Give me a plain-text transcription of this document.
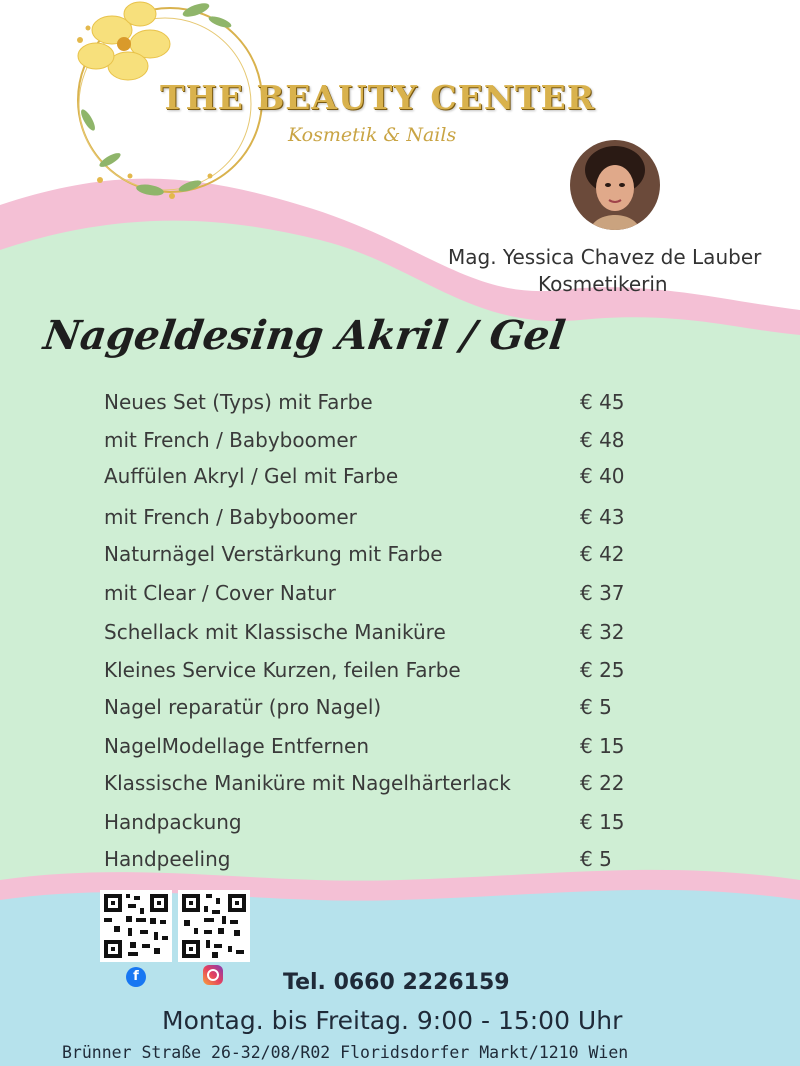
THE BEAUTY CENTER
Kosmetik & Nails
Mag. Yessica Chavez de Lauber
Kosmetikerin
Nageldesing Akril / Gel
Neues Set (Typs) mit Farbe	€ 45
mit French / Babyboomer	€ 48
Auffülen Akryl / Gel mit Farbe	€ 40
mit French / Babyboomer	€ 43
Naturnägel Verstärkung mit Farbe	€ 42
mit Clear / Cover Natur	€ 37
Schellack mit Klassische Maniküre	€ 32
Kleines Service Kurzen, feilen Farbe	€ 25
Nagel reparatür (pro Nagel)	€ 5
NagelModellage Entfernen	€ 15
Klassische Maniküre mit Nagelhärterlack	€ 22
Handpackung	€ 15
Handpeeling	€ 5
f	Tel. 0660 2226159
Montag. bis Freitag. 9:00 - 15:00 Uhr
Brünner Straße 26-32/08/R02 Floridsdorfer Markt/1210 Wien
